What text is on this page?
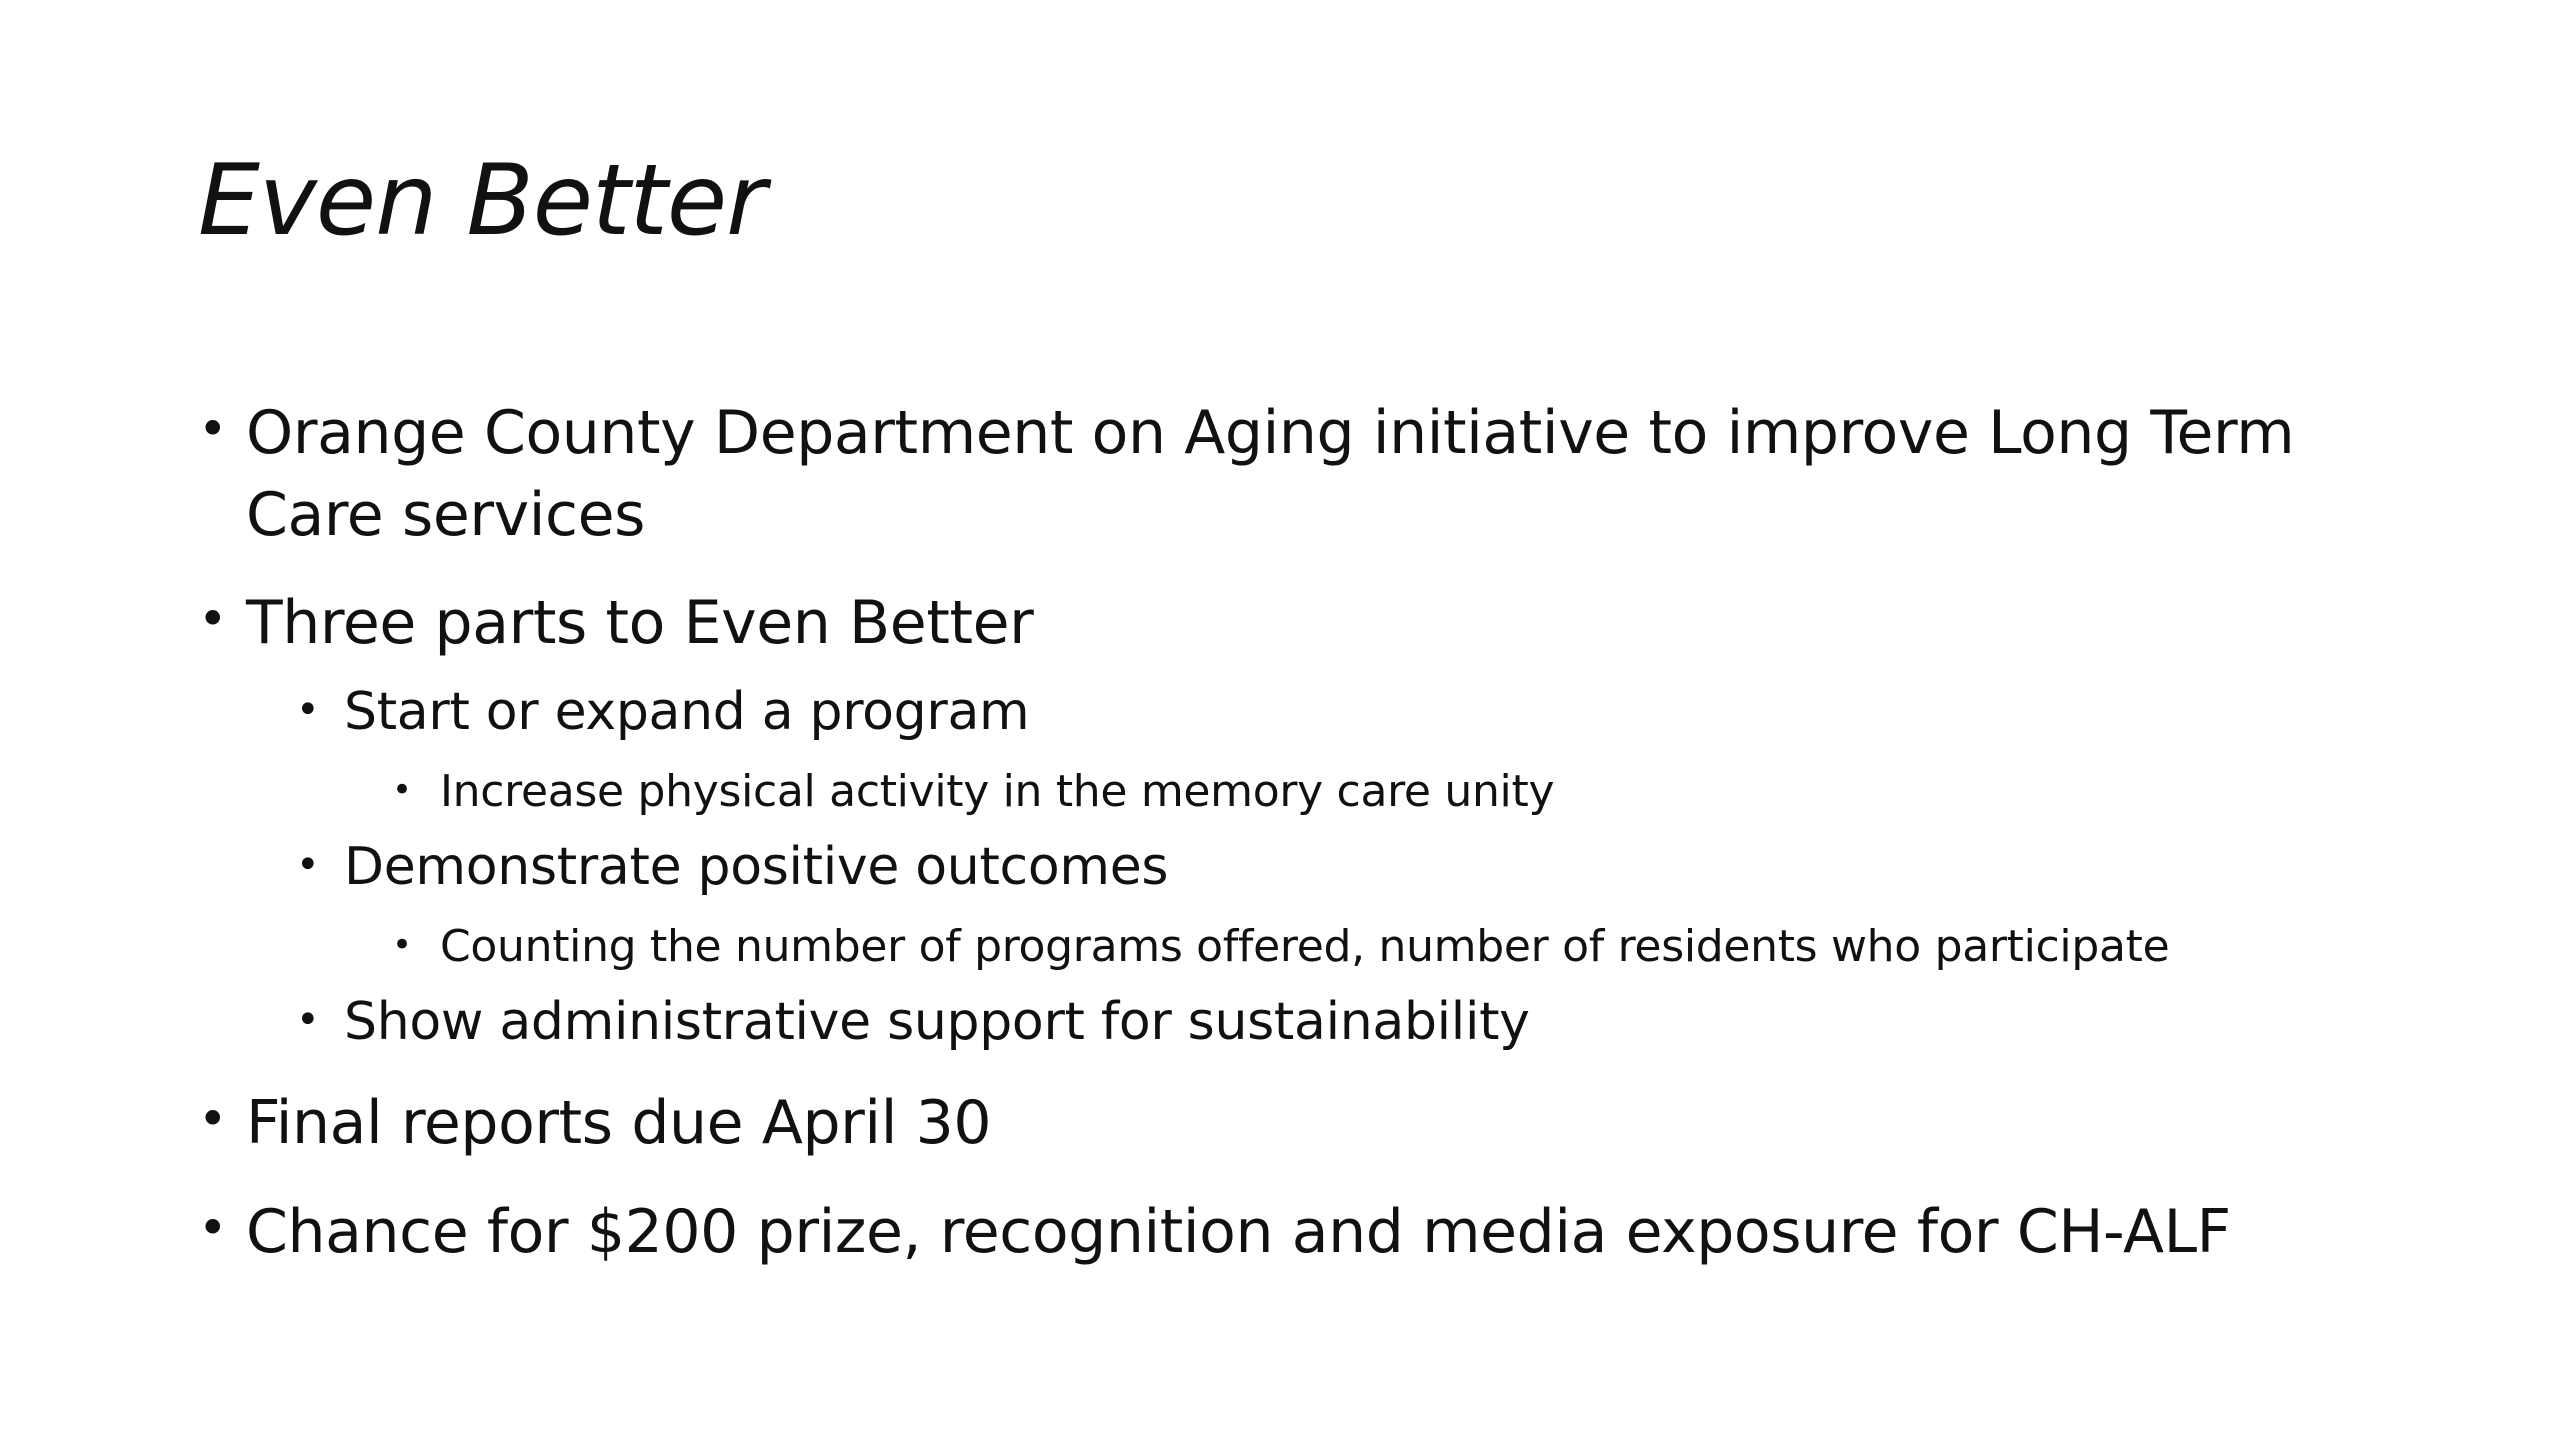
Even Better
• Orange County Department on Aging initiative to improve Long Term
Care services
• Three parts to Even Better
• Start or expand a program
• Increase physical activity in the memory care unity
• Demonstrate positive outcomes
• Counting the number of programs offered, number of residents who participate
• Show administrative support for sustainability
• Final reports due April 30
• Chance for $200 prize, recognition and media exposure for CH-ALF
